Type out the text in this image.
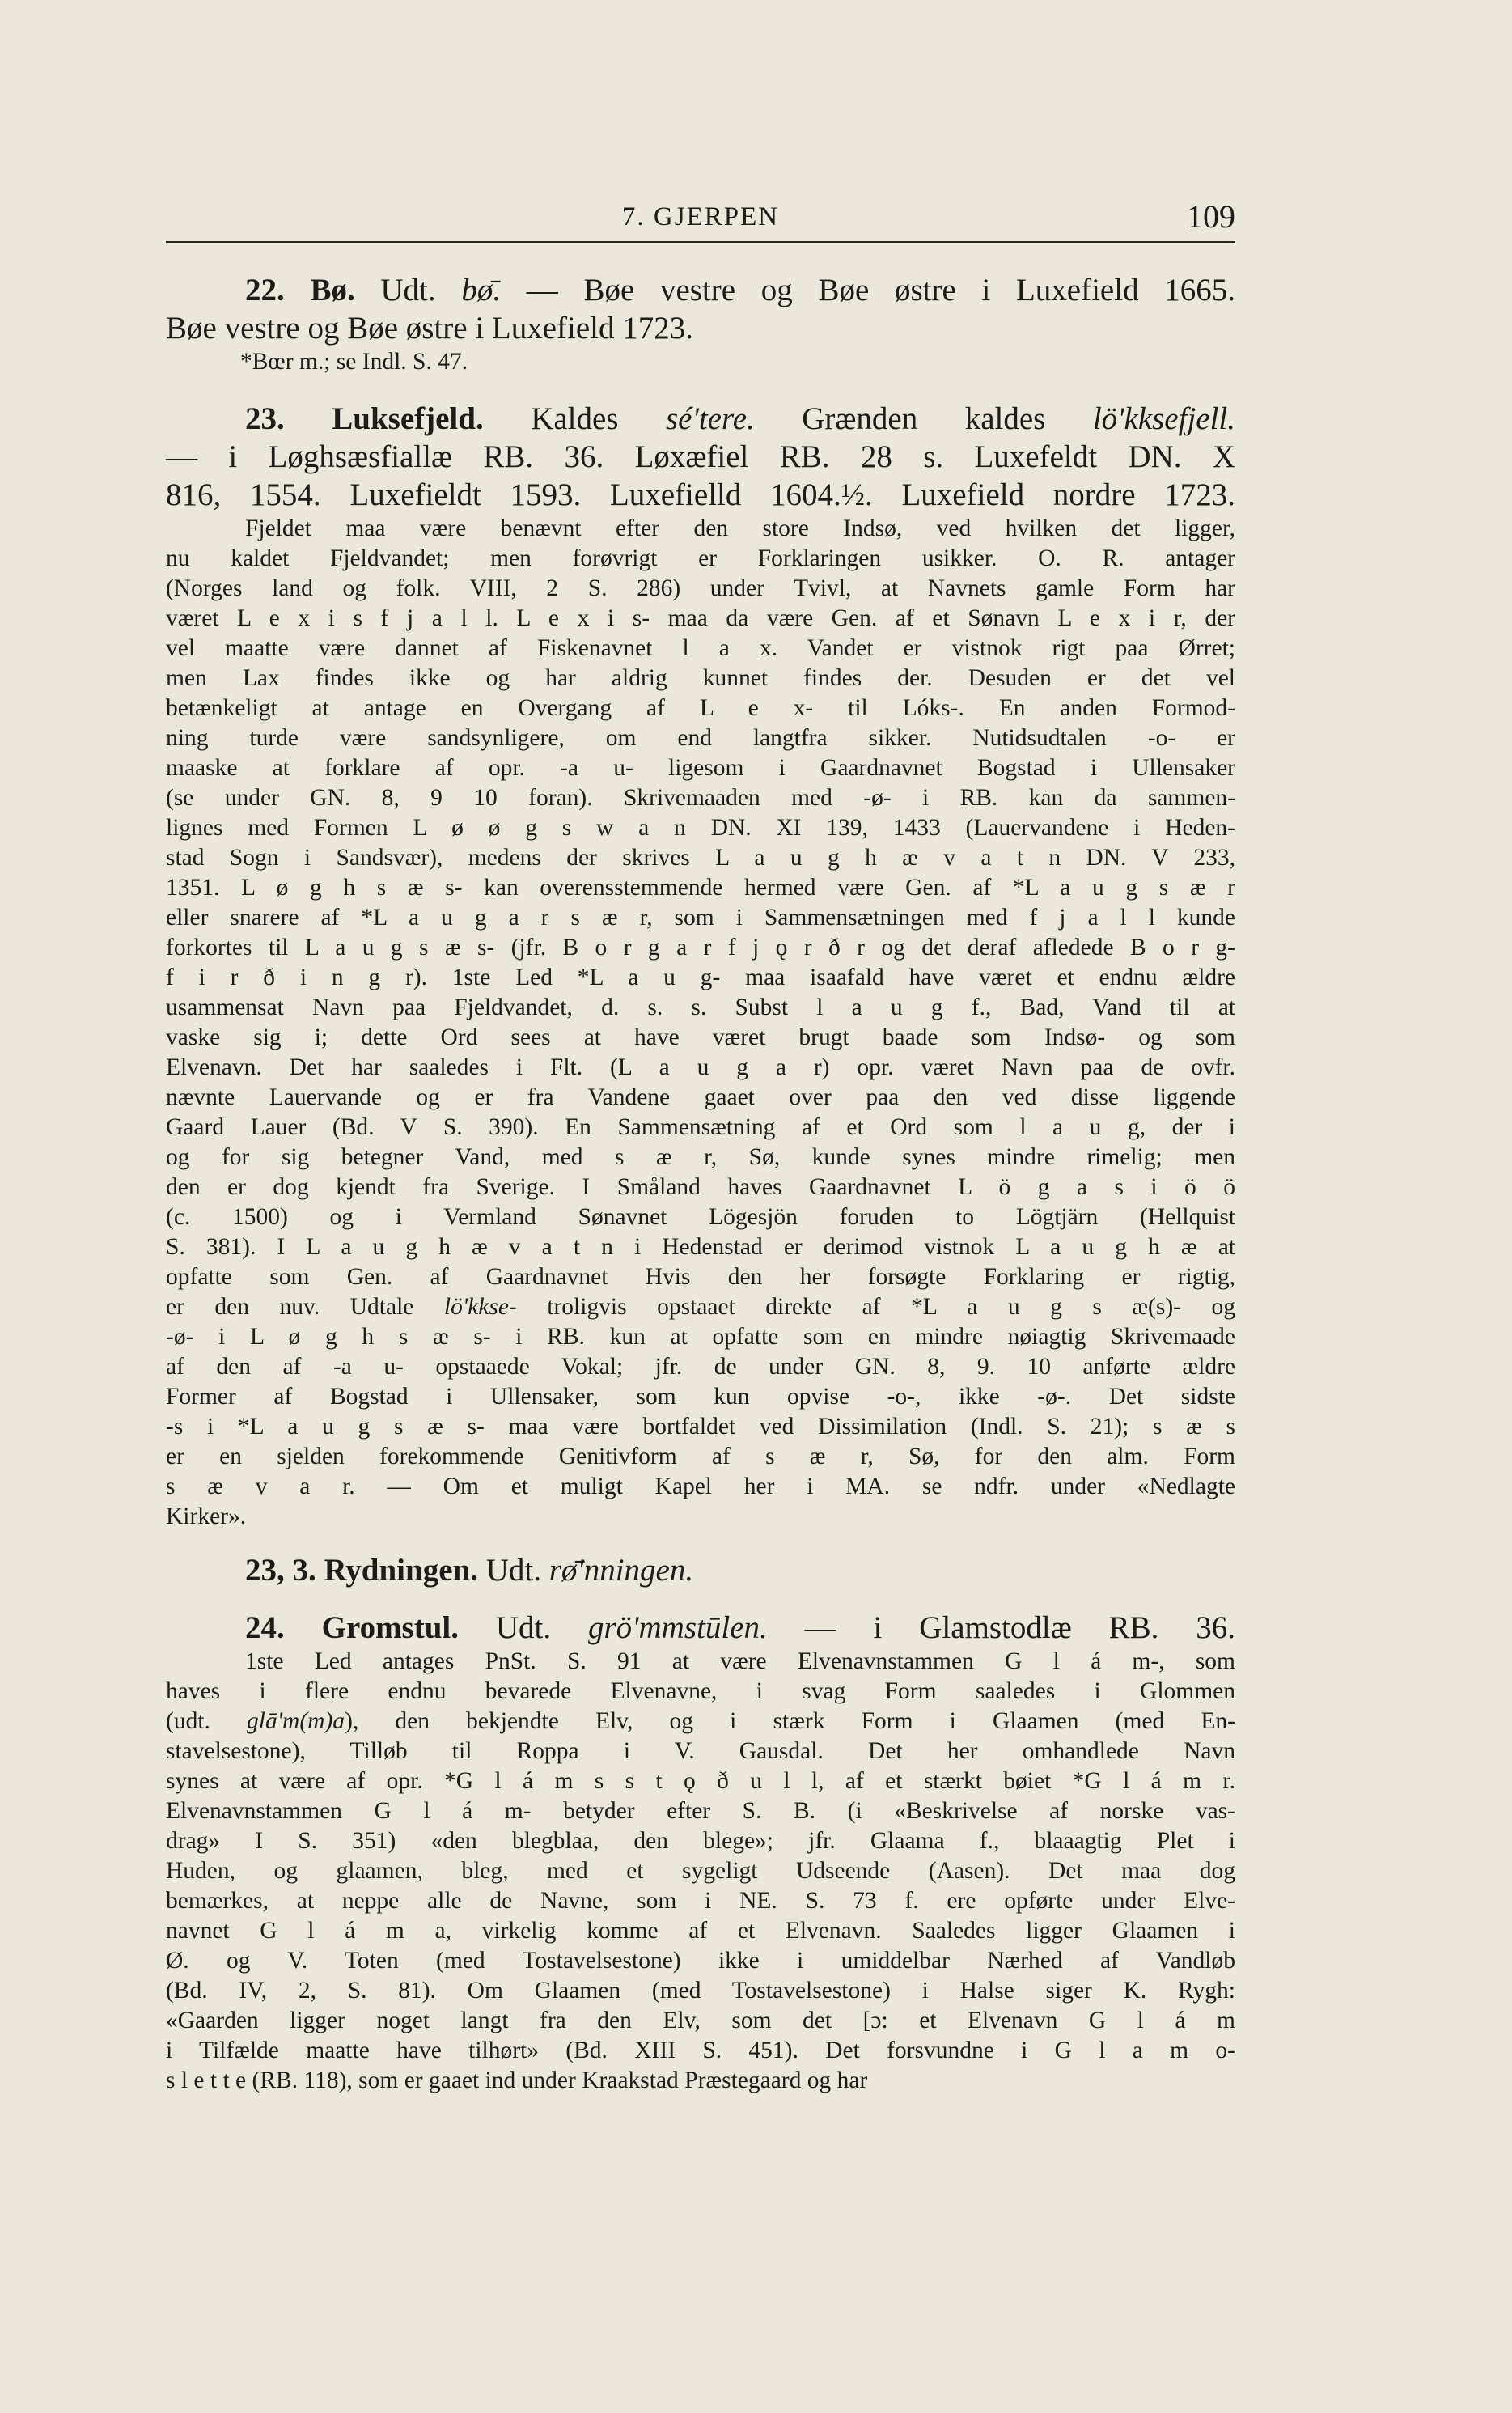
7. GJERPEN	109
22. Bø. Udt. bø̄. — Bøe vestre og Bøe østre i Luxefield 1665.
Bøe vestre og Bøe østre i Luxefield 1723.
*Bœr m.; se Indl. S. 47.
23. Luksefjeld. Kaldes sé'tere. Grænden kaldes lö'kksefjell.
— i Løghsæsfiallæ RB. 36. Løxæfiel RB. 28 s. Luxefeldt DN. X
816, 1554. Luxefieldt 1593. Luxefielld 1604.½. Luxefield nordre 1723.
Fjeldet maa være benævnt efter den store Indsø, ved hvilken det ligger,
nu kaldet Fjeldvandet; men forøvrigt er Forklaringen usikker. O. R. antager
(Norges land og folk. VIII, 2 S. 286) under Tvivl, at Navnets gamle Form har
været L e x i s f j a l l. L e x i s- maa da være Gen. af et Sønavn L e x i r, der
vel maatte være dannet af Fiskenavnet l a x. Vandet er vistnok rigt paa Ørret;
men Lax findes ikke og har aldrig kunnet findes der. Desuden er det vel
betænkeligt at antage en Overgang af L e x- til Lóks-. En anden Formod-
ning turde være sandsynligere, om end langtfra sikker. Nutidsudtalen -o- er
maaske at forklare af opr. -a u- ligesom i Gaardnavnet Bogstad i Ullensaker
(se under GN. 8, 9 10 foran). Skrivemaaden med -ø- i RB. kan da sammen-
lignes med Formen L ø ø g s w a n DN. XI 139, 1433 (Lauervandene i Heden-
stad Sogn i Sandsvær), medens der skrives L a u g h æ v a t n DN. V 233,
1351. L ø g h s æ s- kan overensstemmende hermed være Gen. af *L a u g s æ r
eller snarere af *L a u g a r s æ r, som i Sammensætningen med f j a l l kunde
forkortes til L a u g s æ s- (jfr. B o r g a r f j ǫ r ð r og det deraf afledede B o r g-
f i r ð i n g r). 1ste Led *L a u g- maa isaafald have været et endnu ældre
usammensat Navn paa Fjeldvandet, d. s. s. Subst l a u g f., Bad, Vand til at
vaske sig i; dette Ord sees at have været brugt baade som Indsø- og som
Elvenavn. Det har saaledes i Flt. (L a u g a r) opr. været Navn paa de ovfr.
nævnte Lauervande og er fra Vandene gaaet over paa den ved disse liggende
Gaard Lauer (Bd. V S. 390). En Sammensætning af et Ord som l a u g, der i
og for sig betegner Vand, med s æ r, Sø, kunde synes mindre rimelig; men
den er dog kjendt fra Sverige. I Småland haves Gaardnavnet L ö g a s i ö ö
(c. 1500) og i Vermland Sønavnet Lögesjön foruden to Lögtjärn (Hellquist
S. 381). I L a u g h æ v a t n i Hedenstad er derimod vistnok L a u g h æ at
opfatte som Gen. af Gaardnavnet Hvis den her forsøgte Forklaring er rigtig,
er den nuv. Udtale lö'kkse- troligvis opstaaet direkte af *L a u g s æ(s)- og
-ø- i L ø g h s æ s- i RB. kun at opfatte som en mindre nøiagtig Skrivemaade
af den af -a u- opstaaede Vokal; jfr. de under GN. 8, 9. 10 anførte ældre
Former af Bogstad i Ullensaker, som kun opvise -o-, ikke -ø-. Det sidste
-s i *L a u g s æ s- maa være bortfaldet ved Dissimilation (Indl. S. 21); s æ s
er en sjelden forekommende Genitivform af s æ r, Sø, for den alm. Form
s æ v a r. — Om et muligt Kapel her i MA. se ndfr. under «Nedlagte
Kirker».
23, 3. Rydningen. Udt. rø̄'nningen.
24. Gromstul. Udt. grö'mmstūlen. — i Glamstodlæ RB. 36.
1ste Led antages PnSt. S. 91 at være Elvenavnstammen G l á m-, som
haves i flere endnu bevarede Elvenavne, i svag Form saaledes i Glommen
(udt. glā'm(m)a), den bekjendte Elv, og i stærk Form i Glaamen (med En-
stavelsestone), Tilløb til Roppa i V. Gausdal. Det her omhandlede Navn
synes at være af opr. *G l á m s s t ǫ ð u l l, af et stærkt bøiet *G l á m r.
Elvenavnstammen G l á m- betyder efter S. B. (i «Beskrivelse af norske vas-
drag» I S. 351) «den blegblaa, den blege»; jfr. Glaama f., blaaagtig Plet i
Huden, og glaamen, bleg, med et sygeligt Udseende (Aasen). Det maa dog
bemærkes, at neppe alle de Navne, som i NE. S. 73 f. ere opførte under Elve-
navnet G l á m a, virkelig komme af et Elvenavn. Saaledes ligger Glaamen i
Ø. og V. Toten (med Tostavelsestone) ikke i umiddelbar Nærhed af Vandløb
(Bd. IV, 2, S. 81). Om Glaamen (med Tostavelsestone) i Halse siger K. Rygh:
«Gaarden ligger noget langt fra den Elv, som det [ɔ: et Elvenavn G l á m
i Tilfælde maatte have tilhørt» (Bd. XIII S. 451). Det forsvundne i G l a m o-
s l e t t e (RB. 118), som er gaaet ind under Kraakstad Præstegaard og har
